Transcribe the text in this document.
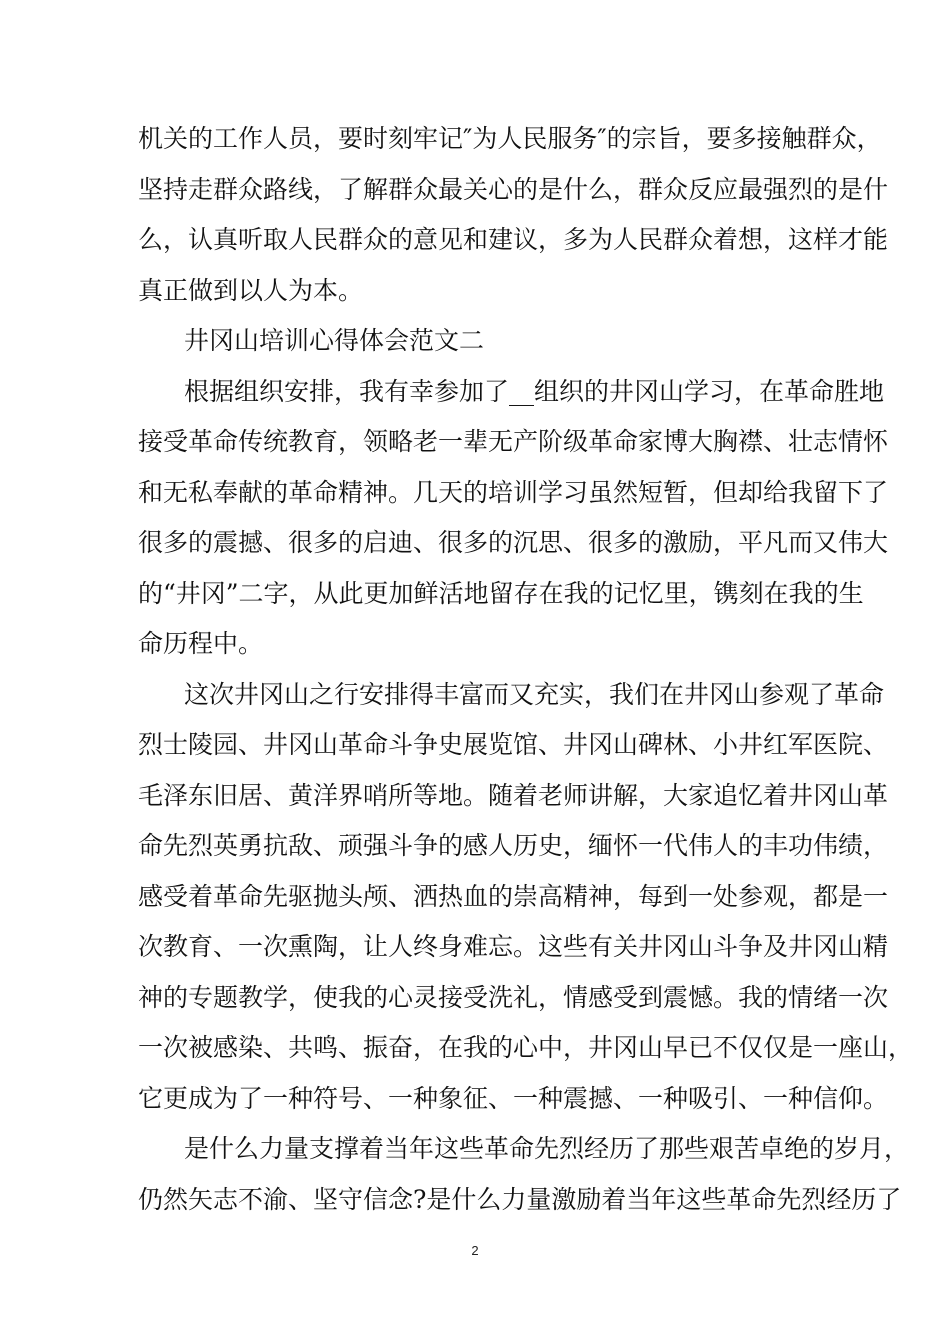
机关的工作人员，要时刻牢记″为人民服务″的宗旨，要多接触群众，
坚持走群众路线，了解群众最关心的是什么，群众反应最强烈的是什
么，认真听取人民群众的意见和建议，多为人民群众着想，这样才能
真正做到以人为本。
井冈山培训心得体会范文二
根据组织安排，我有幸参加了__组织的井冈山学习，在革命胜地
接受革命传统教育，领略老一辈无产阶级革命家博大胸襟、壮志情怀
和无私奉献的革命精神。几天的培训学习虽然短暂，但却给我留下了
很多的震撼、很多的启迪、很多的沉思、很多的激励，平凡而又伟大
的“井冈”二字，从此更加鲜活地留存在我的记忆里，镌刻在我的生
命历程中。
这次井冈山之行安排得丰富而又充实，我们在井冈山参观了革命
烈士陵园、井冈山革命斗争史展览馆、井冈山碑林、小井红军医院、
毛泽东旧居、黄洋界哨所等地。随着老师讲解，大家追忆着井冈山革
命先烈英勇抗敌、顽强斗争的感人历史，缅怀一代伟人的丰功伟绩，
感受着革命先驱抛头颅、洒热血的崇高精神，每到一处参观，都是一
次教育、一次熏陶，让人终身难忘。这些有关井冈山斗争及井冈山精
神的专题教学，使我的心灵接受洗礼，情感受到震憾。我的情绪一次
一次被感染、共鸣、振奋，在我的心中，井冈山早已不仅仅是一座山，
它更成为了一种符号、一种象征、一种震撼、一种吸引、一种信仰。
是什么力量支撑着当年这些革命先烈经历了那些艰苦卓绝的岁月，
仍然矢志不渝、坚守信念?是什么力量激励着当年这些革命先烈经历了
2
